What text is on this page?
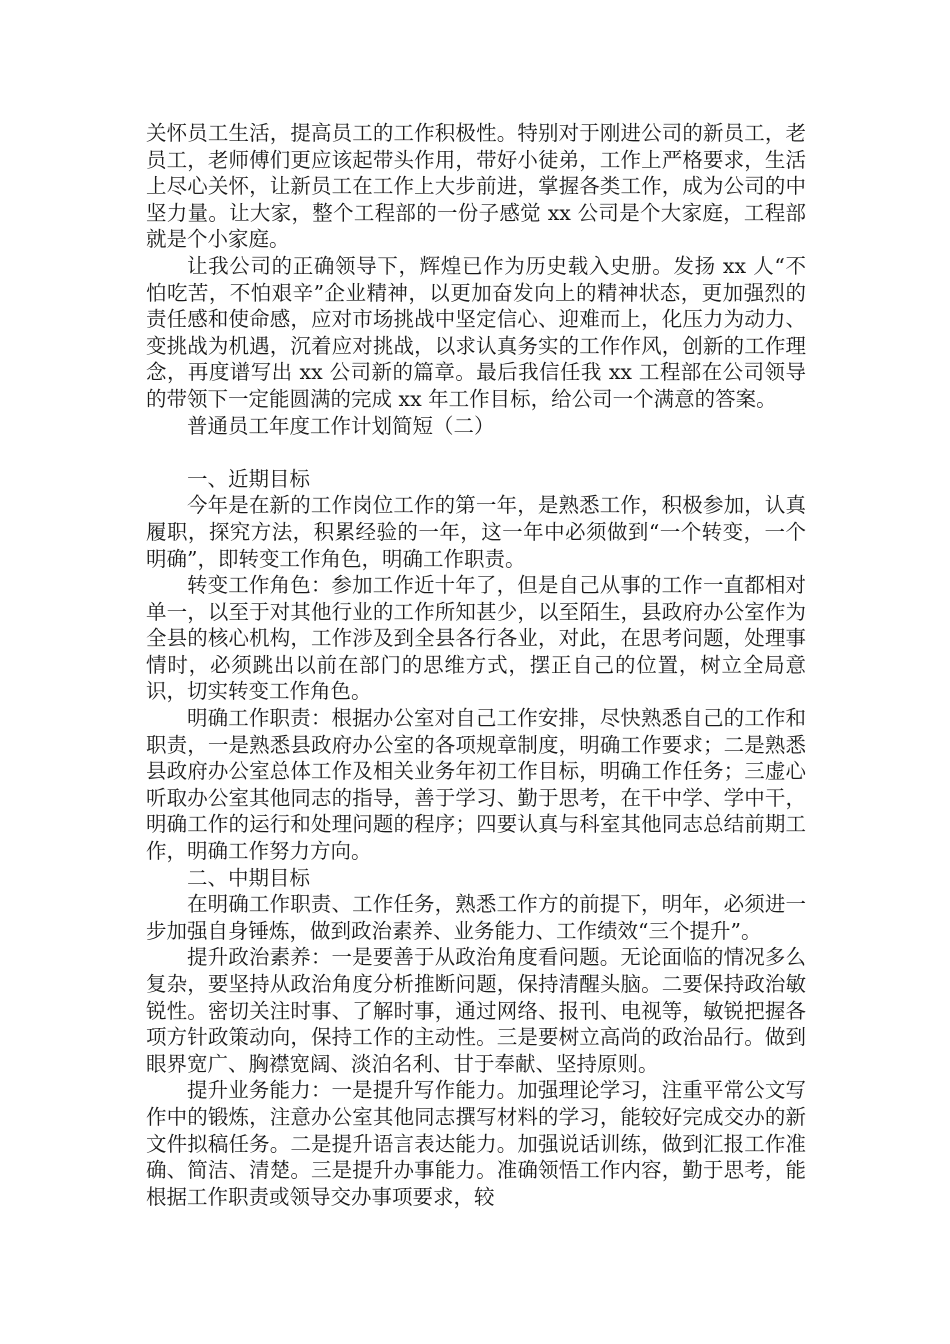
关怀员工生活，提高员工的工作积极性。特别对于刚进公司的新员工，老员工，老师傅们更应该起带头作用，带好小徒弟，工作上严格要求，生活上尽心关怀，让新员工在工作上大步前进，掌握各类工作，成为公司的中坚力量。让大家，整个工程部的一份子感觉 xx 公司是个大家庭，工程部就是个小家庭。

让我公司的正确领导下，辉煌已作为历史载入史册。发扬 xx 人“不怕吃苦，不怕艰辛”企业精神，以更加奋发向上的精神状态，更加强烈的责任感和使命感，应对市场挑战中坚定信心、迎难而上，化压力为动力、变挑战为机遇，沉着应对挑战，以求认真务实的工作作风，创新的工作理念，再度谱写出 xx 公司新的篇章。最后我信任我 xx 工程部在公司领导的带领下一定能圆满的完成 xx 年工作目标，给公司一个满意的答案。

普通员工年度工作计划简短（二）

一、近期目标

今年是在新的工作岗位工作的第一年，是熟悉工作，积极参加，认真履职，探究方法，积累经验的一年，这一年中必须做到“一个转变，一个明确”，即转变工作角色，明确工作职责。

转变工作角色：参加工作近十年了，但是自己从事的工作一直都相对单一，以至于对其他行业的工作所知甚少，以至陌生，县政府办公室作为全县的核心机构，工作涉及到全县各行各业，对此，在思考问题，处理事情时，必须跳出以前在部门的思维方式，摆正自己的位置，树立全局意识，切实转变工作角色。

明确工作职责：根据办公室对自己工作安排，尽快熟悉自己的工作和职责，一是熟悉县政府办公室的各项规章制度，明确工作要求；二是熟悉县政府办公室总体工作及相关业务年初工作目标，明确工作任务；三虚心听取办公室其他同志的指导，善于学习、勤于思考，在干中学、学中干，明确工作的运行和处理问题的程序；四要认真与科室其他同志总结前期工作，明确工作努力方向。

二、中期目标

在明确工作职责、工作任务，熟悉工作方的前提下，明年，必须进一步加强自身锤炼，做到政治素养、业务能力、工作绩效“三个提升”。

提升政治素养：一是要善于从政治角度看问题。无论面临的情况多么复杂，要坚持从政治角度分析推断问题，保持清醒头脑。二要保持政治敏锐性。密切关注时事、了解时事，通过网络、报刊、电视等，敏锐把握各项方针政策动向，保持工作的主动性。三是要树立高尚的政治品行。做到眼界宽广、胸襟宽阔、淡泊名利、甘于奉献、坚持原则。

提升业务能力：一是提升写作能力。加强理论学习，注重平常公文写作中的锻炼，注意办公室其他同志撰写材料的学习，能较好完成交办的新文件拟稿任务。二是提升语言表达能力。加强说话训练，做到汇报工作准确、简洁、清楚。三是提升办事能力。准确领悟工作内容，勤于思考，能根据工作职责或领导交办事项要求，较
